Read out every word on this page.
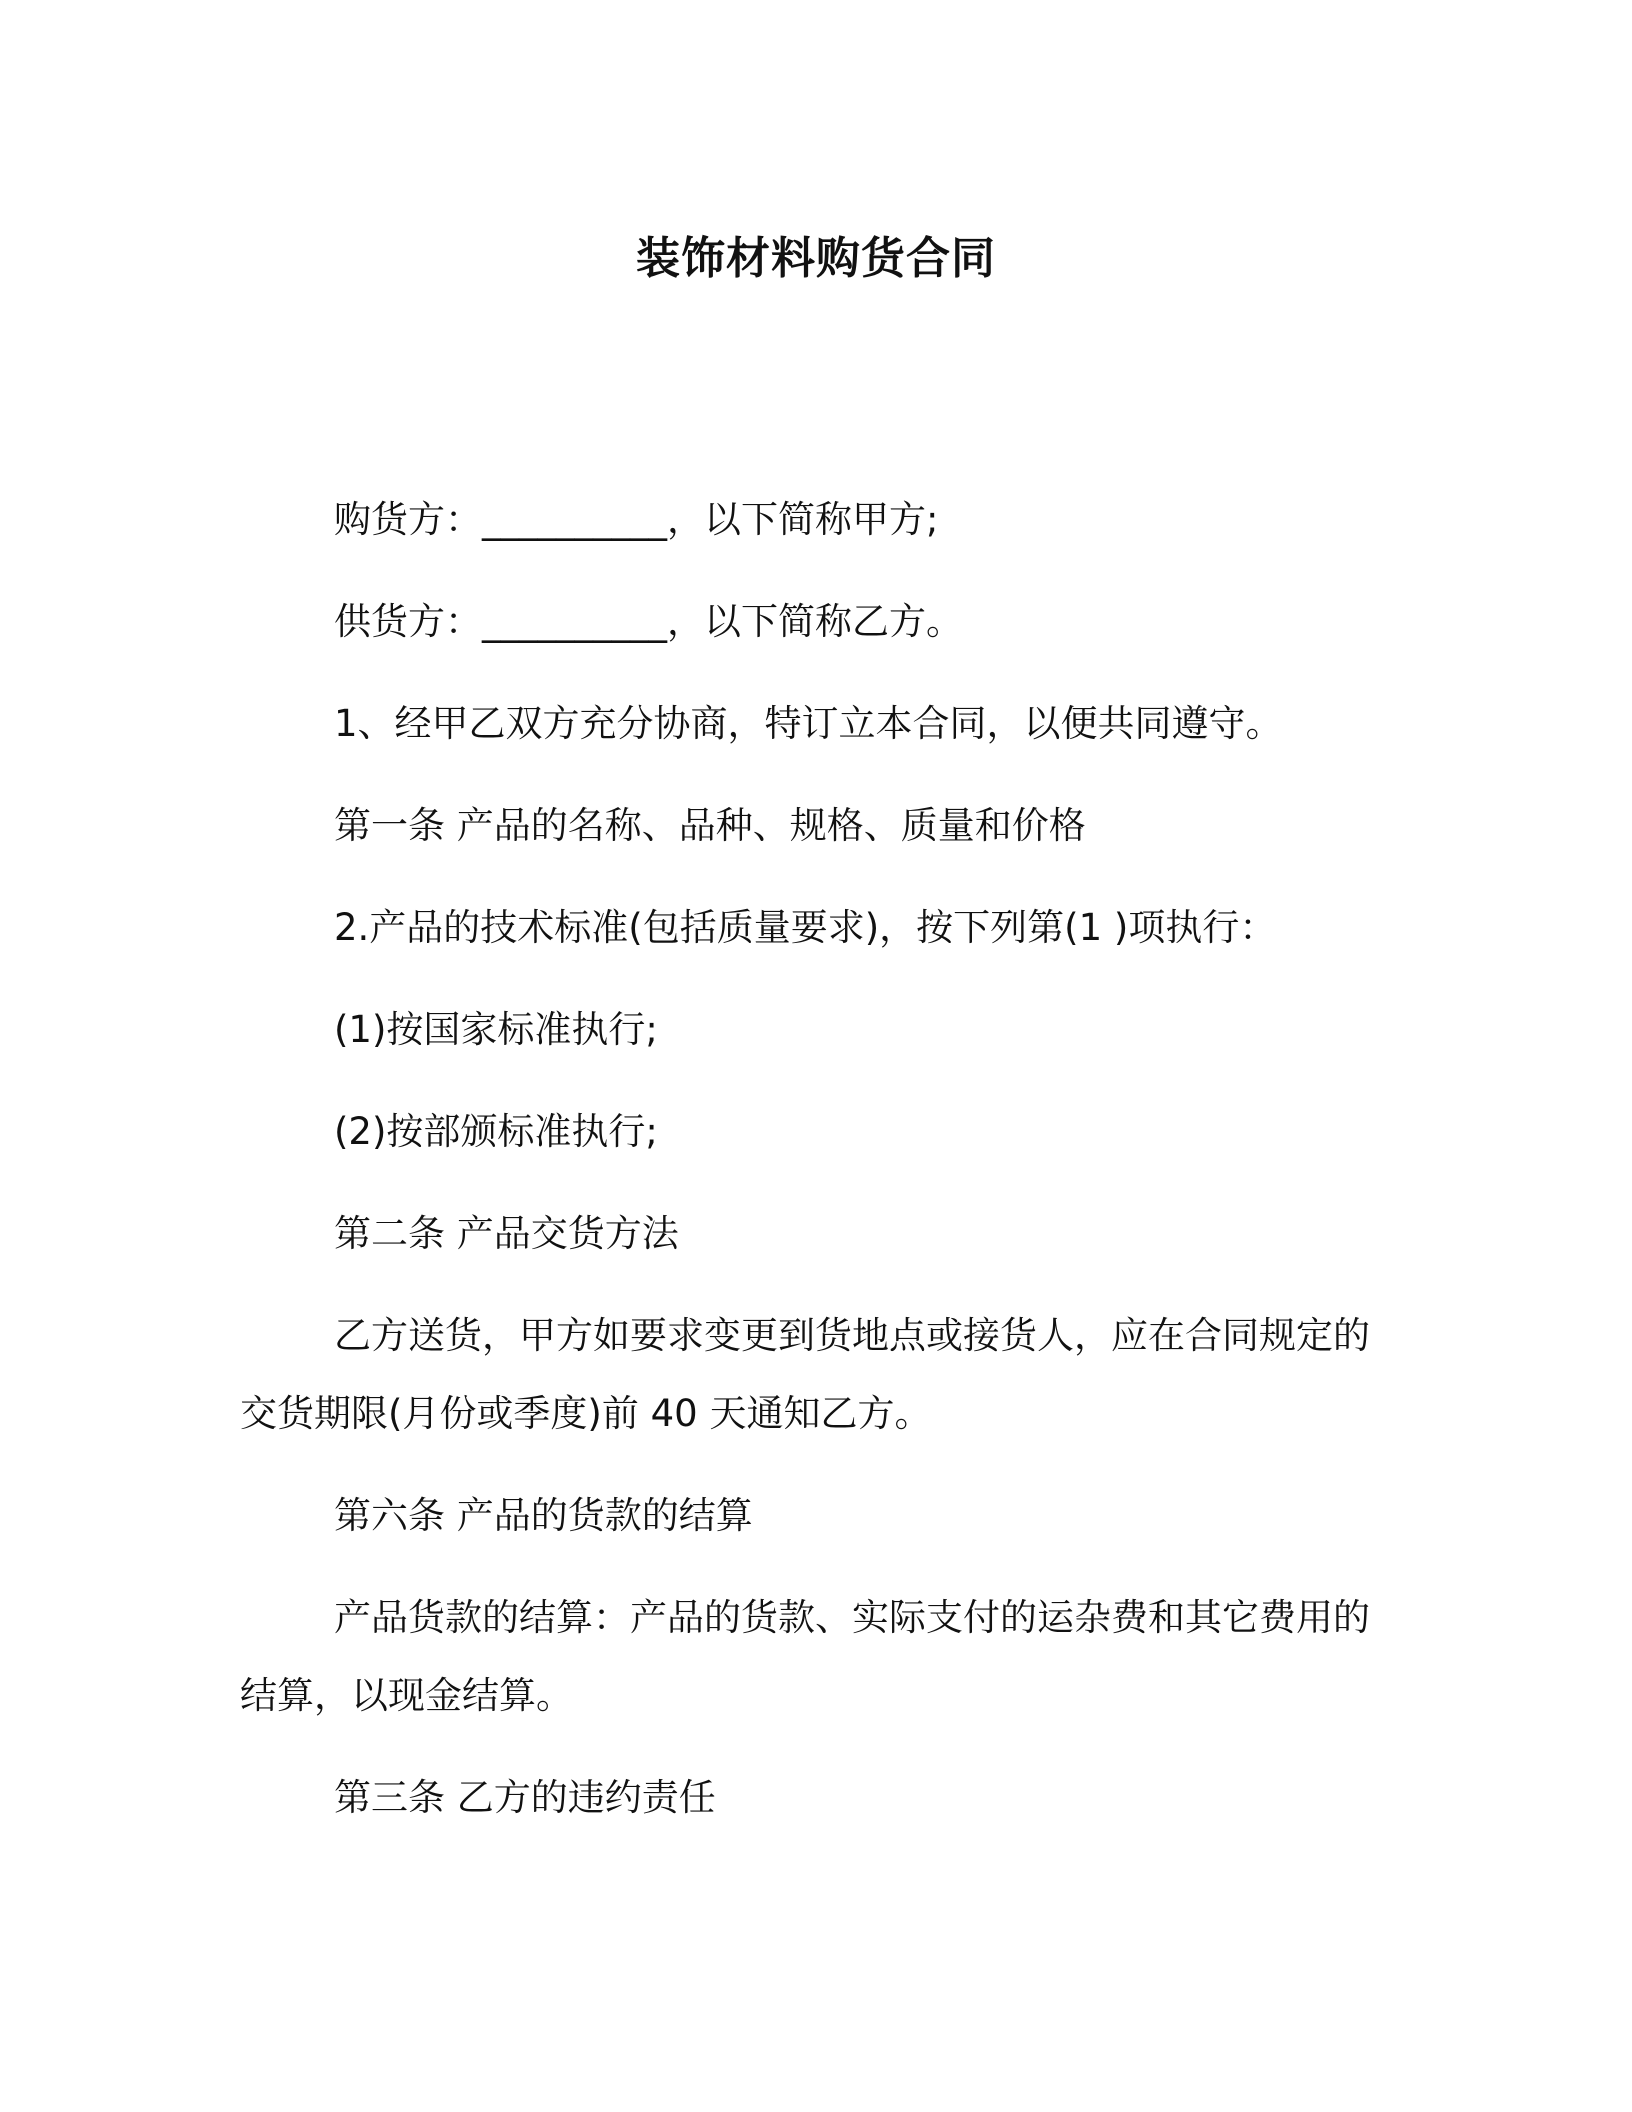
装饰材料购货合同
购货方：__________，以下简称甲方;
供货方：__________，以下简称乙方。
1、经甲乙双方充分协商，特订立本合同，以便共同遵守。
第一条 产品的名称、品种、规格、质量和价格
2.产品的技术标准(包括质量要求)，按下列第(1 )项执行：
(1)按国家标准执行;
(2)按部颁标准执行;
第二条 产品交货方法
乙方送货，甲方如要求变更到货地点或接货人，应在合同规定的
交货期限(月份或季度)前 40 天通知乙方。
第六条 产品的货款的结算
产品货款的结算：产品的货款、实际支付的运杂费和其它费用的
结算，以现金结算。
第三条 乙方的违约责任
